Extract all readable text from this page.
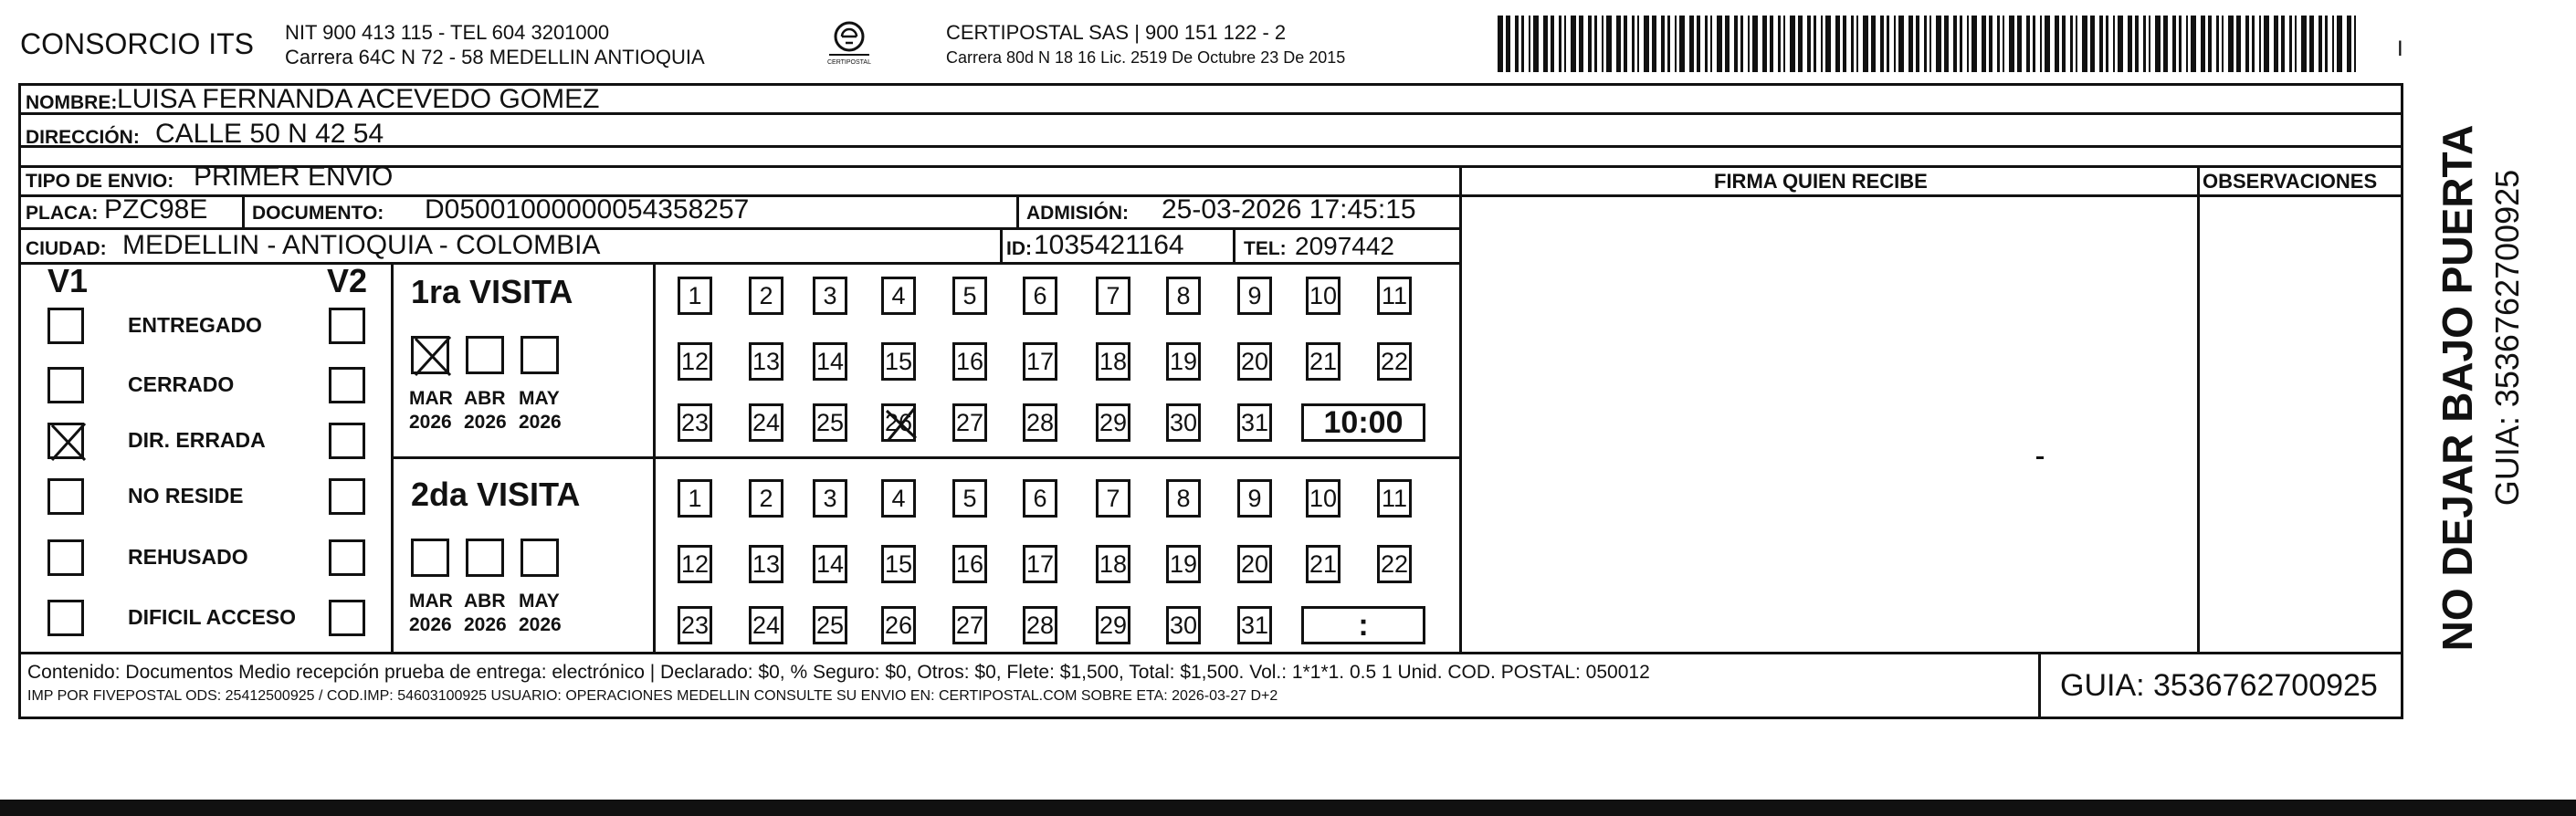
CONSORCIO ITS NIT 900 413 115 - TEL 604 3201000
Carrera 64C N 72 - 58 MEDELLIN ANTIOQUIA	CERTIPOSTAL
CERTIPOSTAL SAS | 900 151 122 - 2
Carrera 80d N 18 16 Lic. 2519 De Octubre 23 De 2015	I
NOMBRE: LUISA FERNANDA ACEVEDO GOMEZ
DIRECCIÓN: CALLE 50 N 42 54
TIPO DE ENVIO: PRIMER ENVIO	FIRMA QUIEN RECIBE	OBSERVACIONES
PLACA: PZC98E DOCUMENTO: D05001000000054358257	ADMISIÓN: 25-03-2026 17:45:15
CIUDAD: MEDELLIN - ANTIOQUIA - COLOMBIA	ID: 1035421164	TEL: 2097442
V1	V2
ENTREGADO
CERRADO
DIR. ERRADA
NO RESIDE
REHUSADO
DIFICIL ACCESO
1ra VISITA
MAR
2026
ABR
2026
MAY
2026
1 2 3 4 5 6 7 8 9 10 11
12 13 14 15 16 17 18 19 20 21 22
23 24 25 26 27 28 29 30 31 10:00
2da VISITA
MAR
2026
ABR
2026
MAY
2026
1 2 3 4 5 6 7 8 9 10 11
12 13 14 15 16 17 18 19 20 21 22
23 24 25 26 27 28 29 30 31	:
Contenido: Documentos Medio recepción prueba de entrega: electrónico | Declarado: $0, % Seguro: $0, Otros: $0, Flete: $1,500, Total: $1,500. Vol.: 1*1*1. 0.5 1 Unid. COD. POSTAL: 050012
IMP POR FIVEPOSTAL ODS: 25412500925 / COD.IMP: 54603100925 USUARIO: OPERACIONES MEDELLIN CONSULTE SU ENVIO EN: CERTIPOSTAL.COM SOBRE ETA: 2026-03-27 D+2	GUIA: 3536762700925
NO DEJAR BAJO PUERTA GUIA: 3536762700925
